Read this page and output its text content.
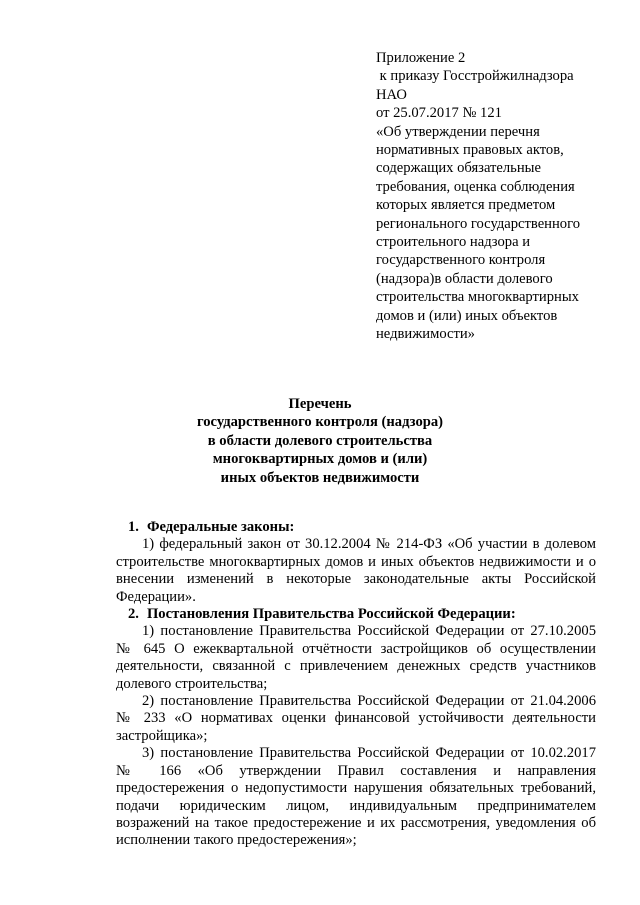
Приложение 2
к приказу Госстройжилнадзора
НАО
от 25.07.2017 № 121
«Об утверждении перечня
нормативных правовых актов,
содержащих обязательные
требования, оценка соблюдения
которых является предметом
регионального государственного
строительного надзора и
государственного контроля
(надзора)в области долевого
строительства многоквартирных
домов и (или) иных объектов
недвижимости»
Перечень
государственного контроля (надзора)
в области долевого строительства
многоквартирных домов и (или)
иных объектов недвижимости

1. Федеральные законы:

1) федеральный закон от 30.12.2004 № 214-ФЗ «Об участии в долевом строительстве многоквартирных домов и иных объектов недвижимости и о внесении изменений в некоторые законодательные акты Российской Федерации».

2. Постановления Правительства Российской Федерации:

1) постановление Правительства Российской Федерации от 27.10.2005 № 645 О ежеквартальной отчётности застройщиков об осуществлении деятельности, связанной с привлечением денежных средств участников долевого строительства;

2) постановление Правительства Российской Федерации от 21.04.2006 № 233 «О нормативах оценки финансовой устойчивости деятельности застройщика»;

3) постановление Правительства Российской Федерации от 10.02.2017 № 166 «Об утверждении Правил составления и направления предостережения о недопустимости нарушения обязательных требований, подачи юридическим лицом, индивидуальным предпринимателем возражений на такое предостережение и их рассмотрения, уведомления об исполнении такого предостережения»;
